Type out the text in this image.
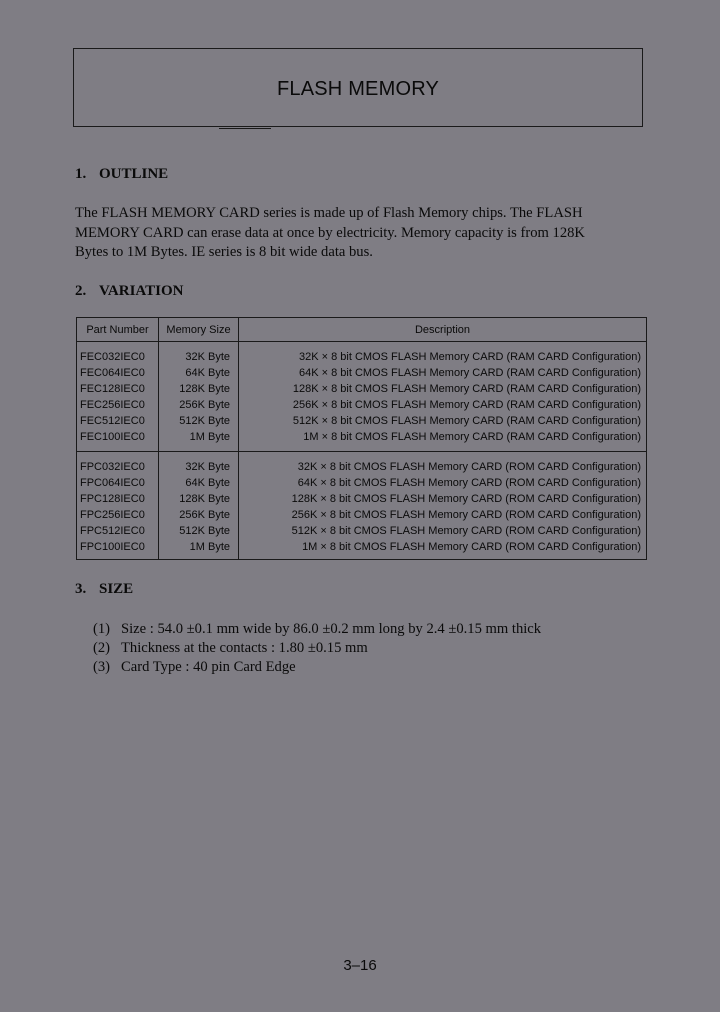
FLASH MEMORY
1. OUTLINE

The FLASH MEMORY CARD series is made up of Flash Memory chips. The FLASH
MEMORY CARD can erase data at once by electricity. Memory capacity is from 128K
Bytes to 1M Bytes. IE series is 8 bit wide data bus.

2. VARIATION
Part Number	Memory Size	Description
FEC032IEC0	32K Byte	32K × 8 bit CMOS FLASH Memory CARD (RAM CARD Configuration)
FEC064IEC0	64K Byte	64K × 8 bit CMOS FLASH Memory CARD (RAM CARD Configuration)
FEC128IEC0	128K Byte	128K × 8 bit CMOS FLASH Memory CARD (RAM CARD Configuration)
FEC256IEC0	256K Byte	256K × 8 bit CMOS FLASH Memory CARD (RAM CARD Configuration)
FEC512IEC0	512K Byte	512K × 8 bit CMOS FLASH Memory CARD (RAM CARD Configuration)
FEC100IEC0	1M Byte	1M × 8 bit CMOS FLASH Memory CARD (RAM CARD Configuration)
FPC032IEC0	32K Byte	32K × 8 bit CMOS FLASH Memory CARD (ROM CARD Configuration)
FPC064IEC0	64K Byte	64K × 8 bit CMOS FLASH Memory CARD (ROM CARD Configuration)
FPC128IEC0	128K Byte	128K × 8 bit CMOS FLASH Memory CARD (ROM CARD Configuration)
FPC256IEC0	256K Byte	256K × 8 bit CMOS FLASH Memory CARD (ROM CARD Configuration)
FPC512IEC0	512K Byte	512K × 8 bit CMOS FLASH Memory CARD (ROM CARD Configuration)
FPC100IEC0	1M Byte	1M × 8 bit CMOS FLASH Memory CARD (ROM CARD Configuration)
3. SIZE
(1) Size : 54.0 ±0.1 mm wide by 86.0 ±0.2 mm long by 2.4 ±0.15 mm thick
(2) Thickness at the contacts : 1.80 ±0.15 mm
(3) Card Type : 40 pin Card Edge
3–16
